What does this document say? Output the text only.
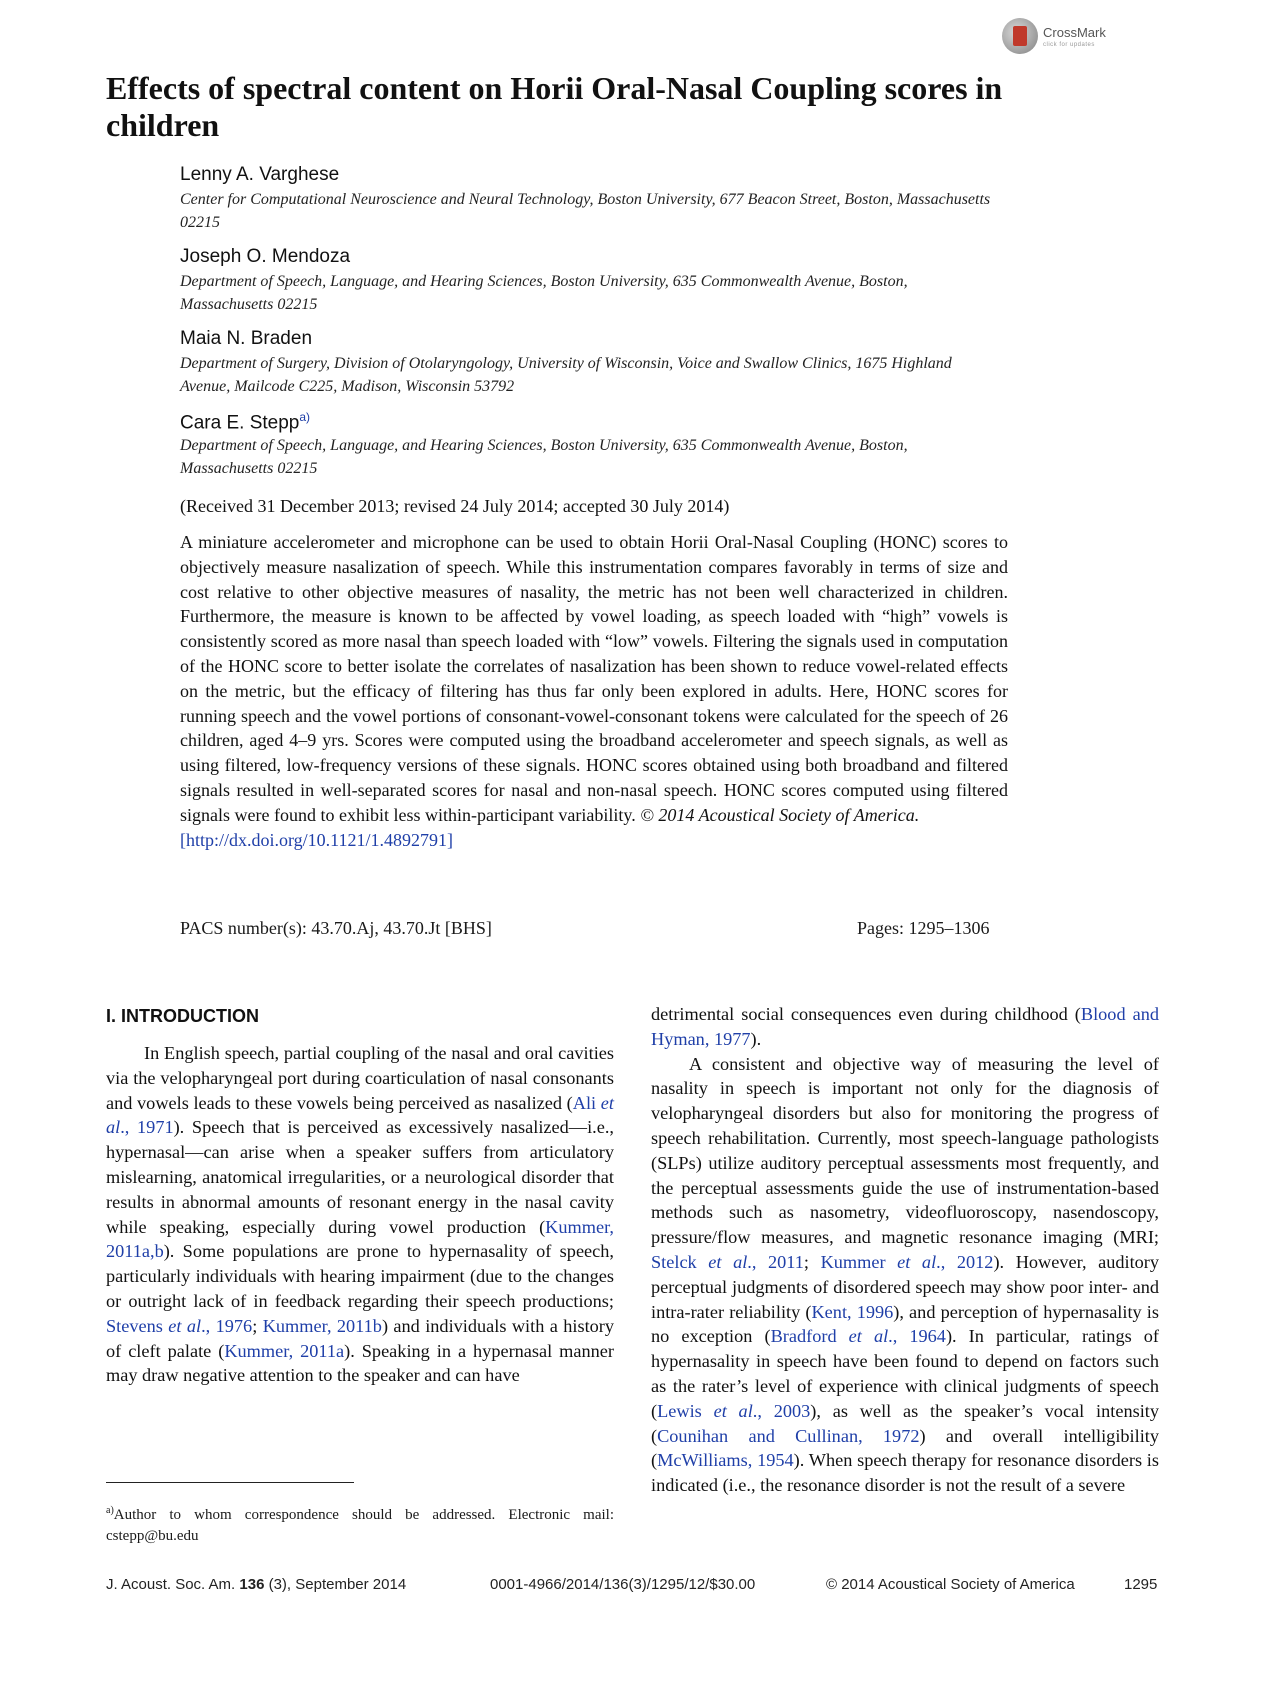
CrossMark
click for updates
Effects of spectral content on Horii Oral-Nasal Coupling scores in children
Lenny A. Varghese
Center for Computational Neuroscience and Neural Technology, Boston University, 677 Beacon Street, Boston, Massachusetts 02215
Joseph O. Mendoza
Department of Speech, Language, and Hearing Sciences, Boston University, 635 Commonwealth Avenue, Boston, Massachusetts 02215
Maia N. Braden
Department of Surgery, Division of Otolaryngology, University of Wisconsin, Voice and Swallow Clinics, 1675 Highland Avenue, Mailcode C225, Madison, Wisconsin 53792
Cara E. Stepp$^{a)}$
Department of Speech, Language, and Hearing Sciences, Boston University, 635 Commonwealth Avenue, Boston, Massachusetts 02215
(Received 31 December 2013; revised 24 July 2014; accepted 30 July 2014)
A miniature accelerometer and microphone can be used to obtain Horii Oral-Nasal Coupling (HONC) scores to objectively measure nasalization of speech. While this instrumentation compares favorably in terms of size and cost relative to other objective measures of nasality, the metric has not been well characterized in children. Furthermore, the measure is known to be affected by vowel loading, as speech loaded with “high” vowels is consistently scored as more nasal than speech loaded with “low” vowels. Filtering the signals used in computation of the HONC score to better isolate the correlates of nasalization has been shown to reduce vowel-related effects on the metric, but the efficacy of filtering has thus far only been explored in adults. Here, HONC scores for running speech and the vowel portions of consonant-vowel-consonant tokens were calculated for the speech of 26 children, aged 4–9 yrs. Scores were computed using the broadband accelerometer and speech signals, as well as using filtered, low-frequency versions of these signals. HONC scores obtained using both broadband and filtered signals resulted in well-separated scores for nasal and non-nasal speech. HONC scores computed using filtered signals were found to exhibit less within-participant variability. © 2014 Acoustical Society of America.
[http://dx.doi.org/10.1121/1.4892791]
PACS number(s): 43.70.Aj, 43.70.Jt [BHS]	Pages: 1295–1306
I. INTRODUCTION
In English speech, partial coupling of the nasal and oral cavities via the velopharyngeal port during coarticulation of nasal consonants and vowels leads to these vowels being perceived as nasalized (Ali et al., 1971). Speech that is perceived as excessively nasalized—i.e., hypernasal—can arise when a speaker suffers from articulatory mislearning, anatomical irregularities, or a neurological disorder that results in abnormal amounts of resonant energy in the nasal cavity while speaking, especially during vowel production (Kummer, 2011a,b). Some populations are prone to hypernasality of speech, particularly individuals with hearing impairment (due to the changes or outright lack of in feedback regarding their speech productions; Stevens et al., 1976; Kummer, 2011b) and individuals with a history of cleft palate (Kummer, 2011a). Speaking in a hypernasal manner may draw negative attention to the speaker and can have
detrimental social consequences even during childhood (Blood and Hyman, 1977).
A consistent and objective way of measuring the level of nasality in speech is important not only for the diagnosis of velopharyngeal disorders but also for monitoring the progress of speech rehabilitation. Currently, most speech-language pathologists (SLPs) utilize auditory perceptual assessments most frequently, and the perceptual assessments guide the use of instrumentation-based methods such as nasometry, videofluoroscopy, nasendoscopy, pressure/flow measures, and magnetic resonance imaging (MRI; Stelck et al., 2011; Kummer et al., 2012). However, auditory perceptual judgments of disordered speech may show poor inter- and intra-rater reliability (Kent, 1996), and perception of hypernasality is no exception (Bradford et al., 1964). In particular, ratings of hypernasality in speech have been found to depend on factors such as the rater’s level of experience with clinical judgments of speech (Lewis et al., 2003), as well as the speaker’s vocal intensity (Counihan and Cullinan, 1972) and overall intelligibility (McWilliams, 1954). When speech therapy for resonance disorders is indicated (i.e., the resonance disorder is not the result of a severe
$^{a)}$Author to whom correspondence should be addressed. Electronic mail: cstepp@bu.edu
J. Acoust. Soc. Am. 136 (3), September 2014	0001-4966/2014/136(3)/1295/12/$30.00	© 2014 Acoustical Society of America	1295
